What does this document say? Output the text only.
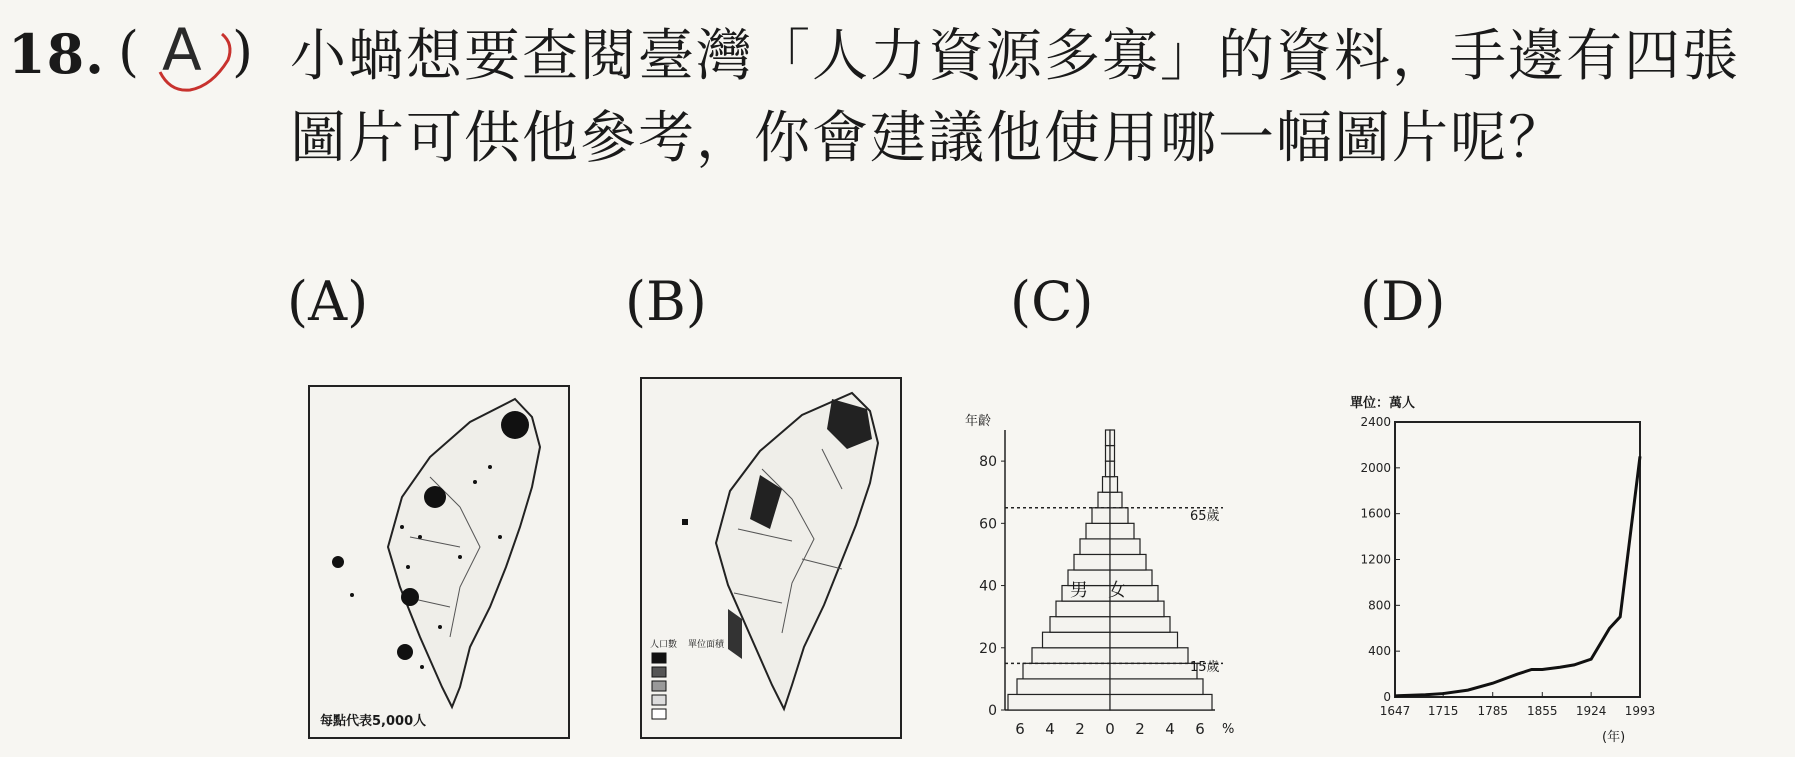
18. ( A ) 小蝸想要查閱臺灣「人力資源多寡」的資料，手邊有四張圖片可供他參考，你會建議他使用哪一幅圖片呢？
(A)	(B)	(C)	(D)
每點代表5,000人
人口數 單位面積
年齡
0
20
40
60
80
6 4 2 0 2 4 6
65歲
15歲
男 女
%
單位：萬人
0
400
800
1200
1600
2000
2400
1647 1715 1785 1855 1924 1993
(年)
